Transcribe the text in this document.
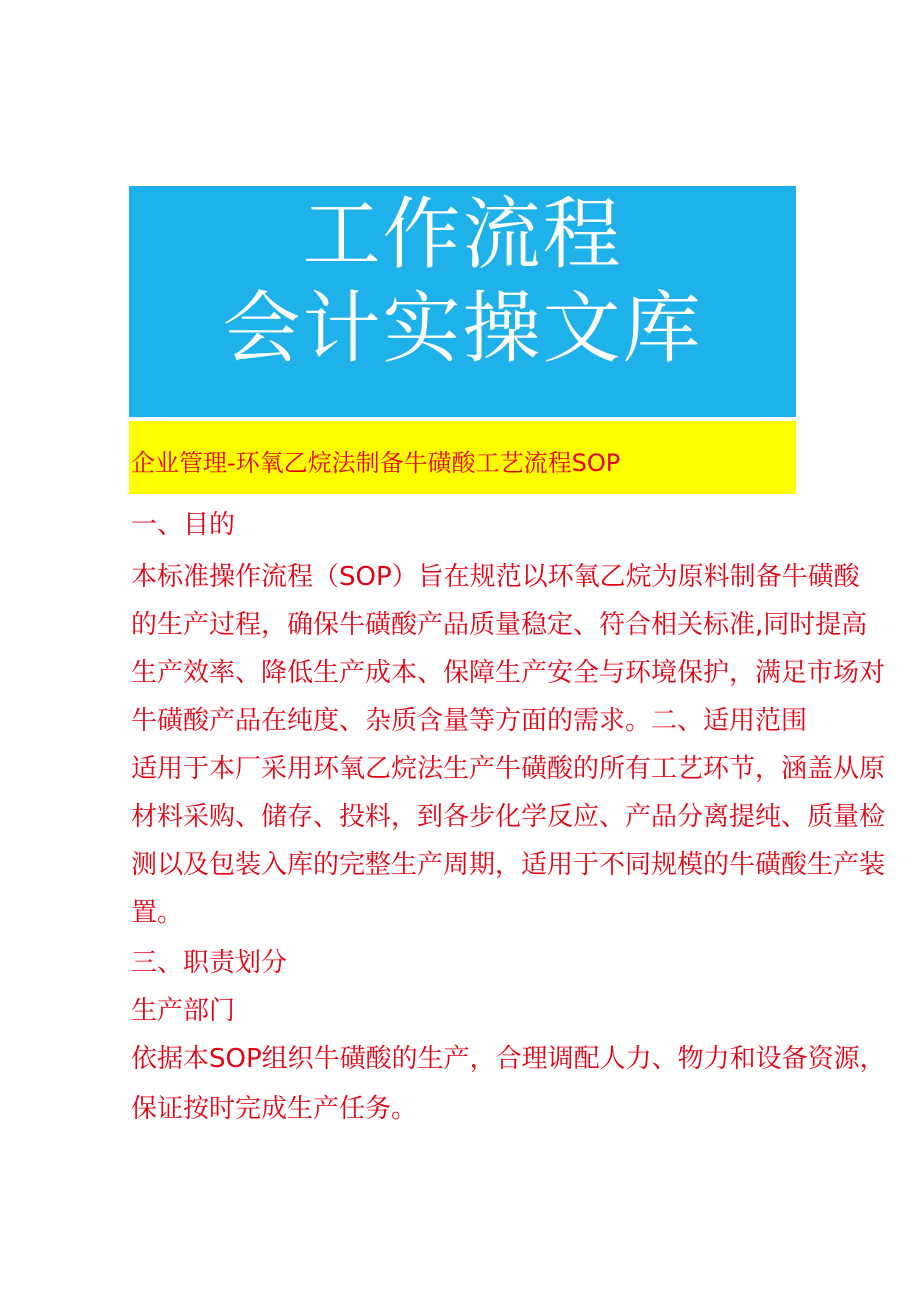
工作流程
会计实操文库
企业管理-环氧乙烷法制备牛磺酸工艺流程SOP
一、目的
本标准操作流程（SOP）旨在规范以环氧乙烷为原料制备牛磺酸
的生产过程，确保牛磺酸产品质量稳定、符合相关标准,同时提高
生产效率、降低生产成本、保障生产安全与环境保护，满足市场对
牛磺酸产品在纯度、杂质含量等方面的需求。二、适用范围
适用于本厂采用环氧乙烷法生产牛磺酸的所有工艺环节，涵盖从原
材料采购、储存、投料，到各步化学反应、产品分离提纯、质量检
测以及包装入库的完整生产周期，适用于不同规模的牛磺酸生产装
置。
三、职责划分
生产部门
依据本SOP组织牛磺酸的生产，合理调配人力、物力和设备资源，
保证按时完成生产任务。
